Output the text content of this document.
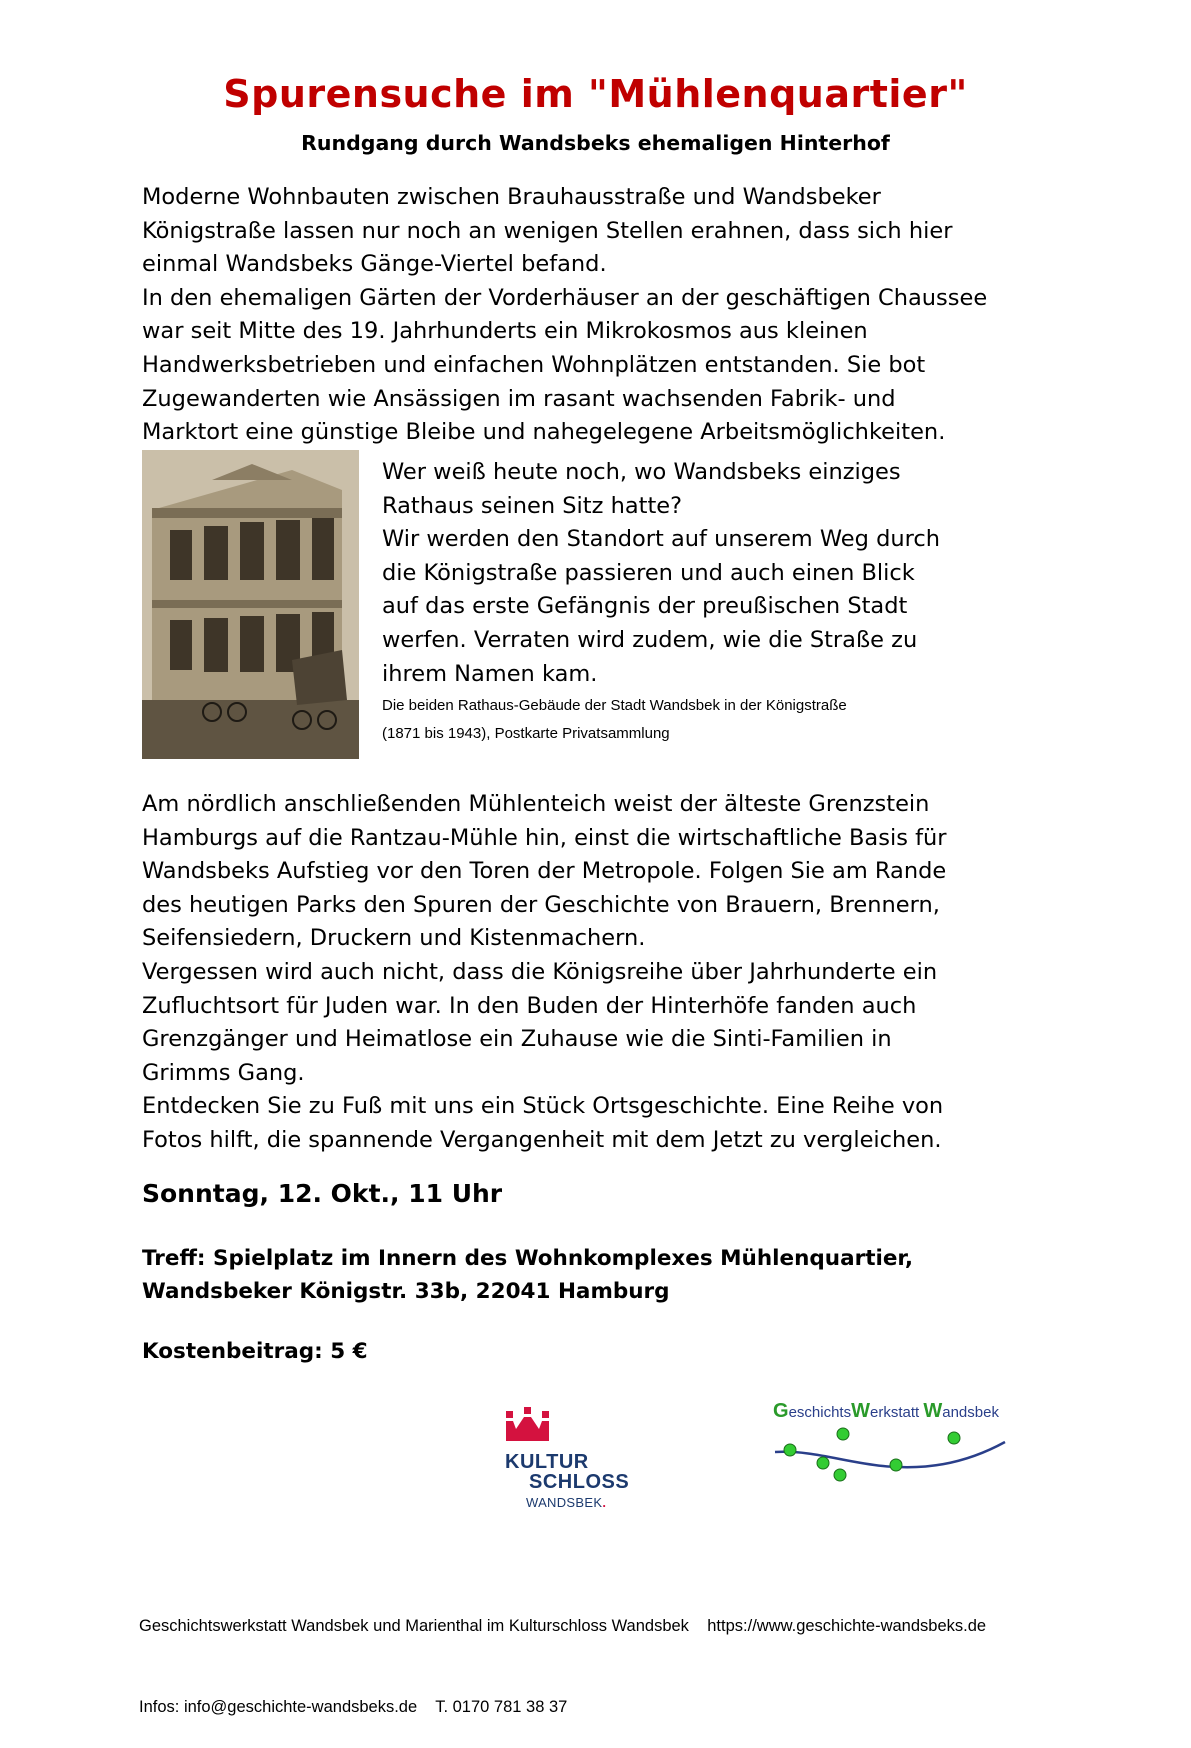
Spurensuche im "Mühlenquartier"
Rundgang durch Wandsbeks ehemaligen Hinterhof
Moderne Wohnbauten zwischen Brauhausstraße und Wandsbeker
Königstraße lassen nur noch an wenigen Stellen erahnen, dass sich hier
einmal Wandsbeks Gänge-Viertel befand.
In den ehemaligen Gärten der Vorderhäuser an der geschäftigen Chaussee
war seit Mitte des 19. Jahrhunderts ein Mikrokosmos aus kleinen
Handwerksbetrieben und einfachen Wohnplätzen entstanden. Sie bot
Zugewanderten wie Ansässigen im rasant wachsenden Fabrik- und
Marktort eine günstige Bleibe und nahegelegene Arbeitsmöglichkeiten.
Wer weiß heute noch, wo Wandsbeks einziges
Rathaus seinen Sitz hatte?
Wir werden den Standort auf unserem Weg durch
die Königstraße passieren und auch einen Blick
auf das erste Gefängnis der preußischen Stadt
werfen. Verraten wird zudem, wie die Straße zu
ihrem Namen kam.
Die beiden Rathaus-Gebäude der Stadt Wandsbek in der Königstraße
(1871 bis 1943), Postkarte Privatsammlung
Am nördlich anschließenden Mühlenteich weist der älteste Grenzstein
Hamburgs auf die Rantzau-Mühle hin, einst die wirtschaftliche Basis für
Wandsbeks Aufstieg vor den Toren der Metropole. Folgen Sie am Rande
des heutigen Parks den Spuren der Geschichte von Brauern, Brennern,
Seifensiedern, Druckern und Kistenmachern.
Vergessen wird auch nicht, dass die Königsreihe über Jahrhunderte ein
Zufluchtsort für Juden war. In den Buden der Hinterhöfe fanden auch
Grenzgänger und Heimatlose ein Zuhause wie die Sinti-Familien in
Grimms Gang.
Entdecken Sie zu Fuß mit uns ein Stück Ortsgeschichte. Eine Reihe von
Fotos hilft, die spannende Vergangenheit mit dem Jetzt zu vergleichen.
Sonntag, 12. Okt., 11 Uhr
Treff: Spielplatz im Innern des Wohnkomplexes Mühlenquartier,
Wandsbeker Königstr. 33b, 22041 Hamburg
Kostenbeitrag: 5 €
KULTUR
SCHLOSS
WANDSBEK.
GeschichtsWerkstatt Wandsbek

Geschichtswerkstatt Wandsbek und Marienthal im Kulturschloss Wandsbek    https://www.geschichte-wandsbeks.de

Infos: info@geschichte-wandsbeks.de    T. 0170 781 38 37
